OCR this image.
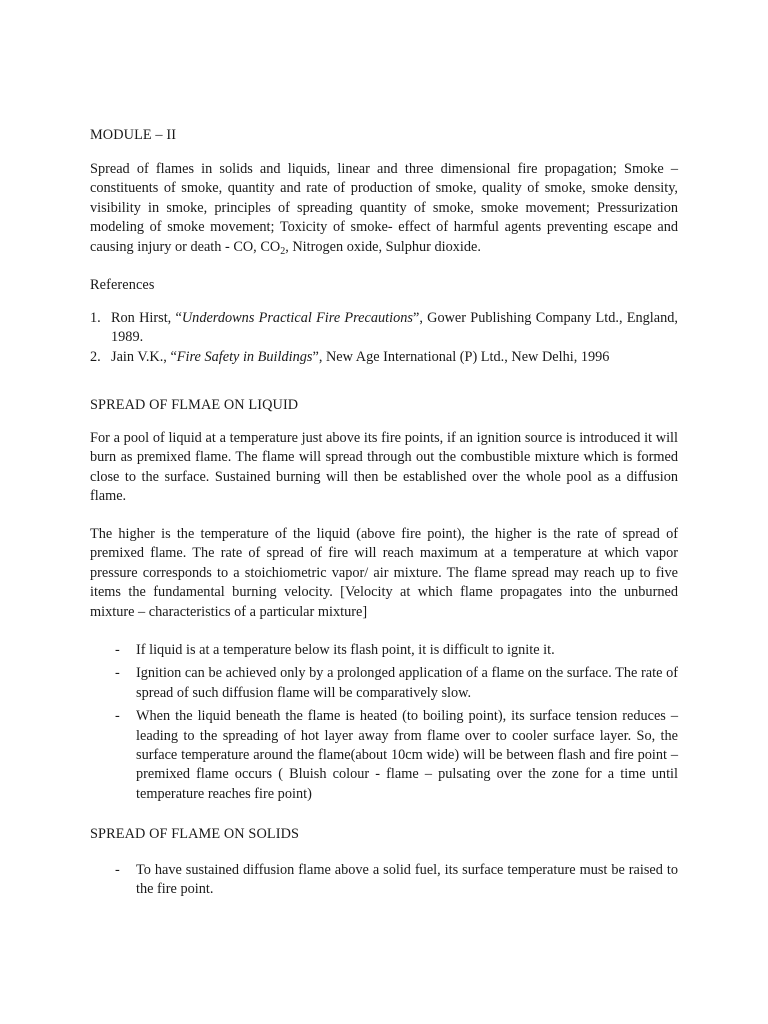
MODULE – II

Spread of flames in solids and liquids, linear and three dimensional fire propagation; Smoke – constituents of smoke, quantity and rate of production of smoke, quality of smoke, smoke density, visibility in smoke, principles of spreading quantity of smoke, smoke movement; Pressurization modeling of smoke movement; Toxicity of smoke- effect of harmful agents preventing escape and causing injury or death - CO, $CO_2$, Nitrogen oxide, Sulphur dioxide.

References
1. Ron Hirst, “Underdowns Practical Fire Precautions”, Gower Publishing Company Ltd., England, 1989.
2. Jain V.K., “Fire Safety in Buildings”, New Age International (P) Ltd., New Delhi, 1996
SPREAD OF FLMAE ON LIQUID

For a pool of liquid at a temperature just above its fire points, if an ignition source is introduced it will burn as premixed flame. The flame will spread through out the combustible mixture which is formed close to the surface. Sustained burning will then be established over the whole pool as a diffusion flame.

The higher is the temperature of the liquid (above fire point), the higher is the rate of spread of premixed flame. The rate of spread of fire will reach maximum at a temperature at which vapor pressure corresponds to a stoichiometric vapor/ air mixture. The flame spread may reach up to five items the fundamental burning velocity. [Velocity at which flame propagates into the unburned mixture – characteristics of a particular mixture]

- If liquid is at a temperature below its flash point, it is difficult to ignite it.
- Ignition can be achieved only by a prolonged application of a flame on the surface. The rate of spread of such diffusion flame will be comparatively slow.
- When the liquid beneath the flame is heated (to boiling point), its surface tension reduces – leading to the spreading of hot layer away from flame over to cooler surface layer. So, the surface temperature around the flame(about 10cm wide) will be between flash and fire point – premixed flame occurs ( Bluish colour - flame – pulsating over the zone for a time until temperature reaches fire point)
SPREAD OF FLAME ON SOLIDS
- To have sustained diffusion flame above a solid fuel, its surface temperature must be raised to the fire point.
